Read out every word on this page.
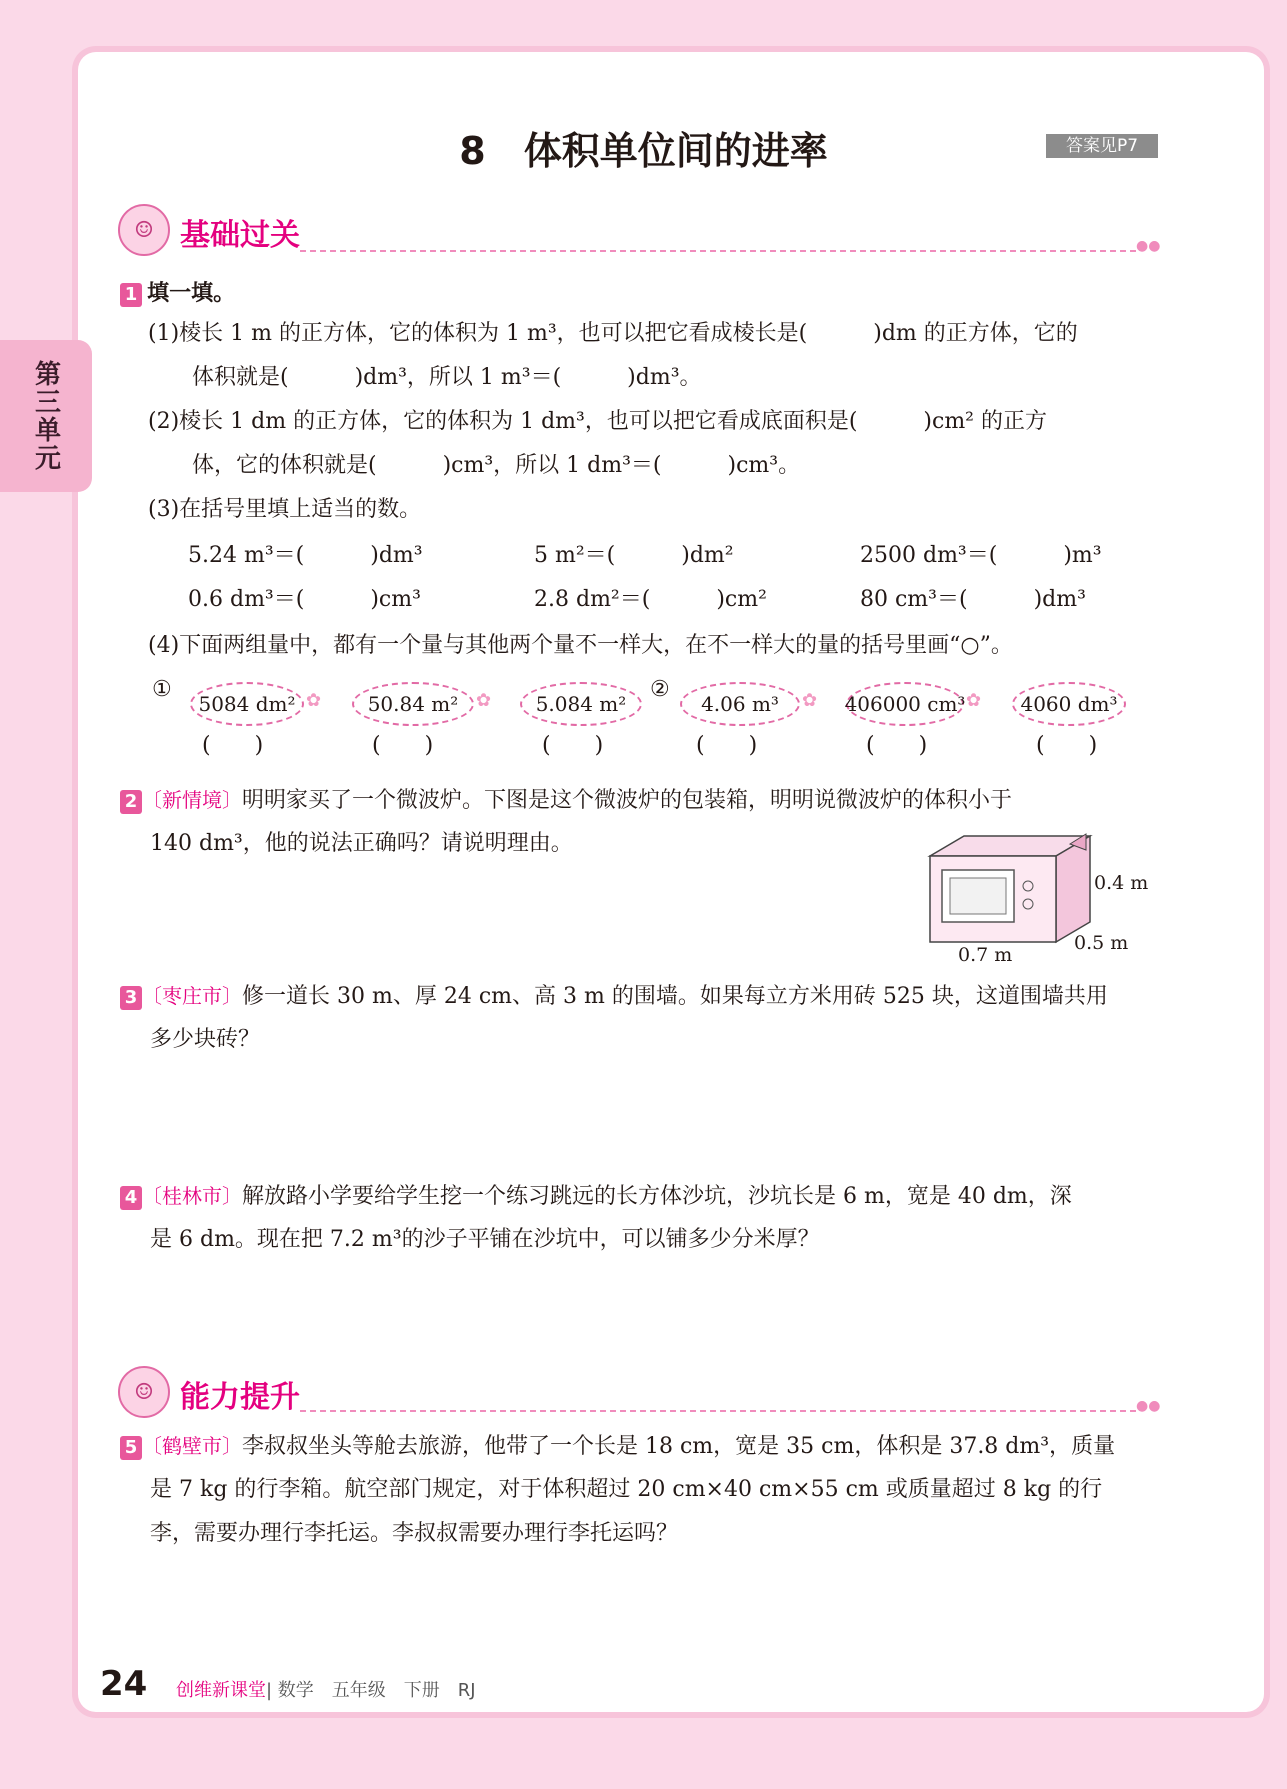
第三单元
8　体积单位间的进率	答案见P7
☺ 基础过关	●●
1 填一填。
(1)棱长 1 m 的正方体，它的体积为 1 m³，也可以把它看成棱长是(　　　)dm 的正方体，它的
体积就是(　　　)dm³，所以 1 m³＝(　　　)dm³。
(2)棱长 1 dm 的正方体，它的体积为 1 dm³，也可以把它看成底面积是(　　　)cm² 的正方
体，它的体积就是(　　　)cm³，所以 1 dm³＝(　　　)cm³。
(3)在括号里填上适当的数。
5.24 m³＝(　　　)dm³	5 m²＝(　　　)dm²	2500 dm³＝(　　　)m³
0.6 dm³＝(　　　)cm³	2.8 dm²＝(　　　)cm²	80 cm³＝(　　　)dm³
(4)下面两组量中，都有一个量与其他两个量不一样大，在不一样大的量的括号里画“○”。
①
5084 dm² ✿	50.84 m² ✿	5.084 m²
②
4.06 m³	✿ 406000 cm³ ✿	4060 dm³
(　　)	(　　)	(　　)	(　　)	(　　)	(　　)
2 〔新情境〕明明家买了一个微波炉。下图是这个微波炉的包装箱，明明说微波炉的体积小于
140 dm³，他的说法正确吗？请说明理由。
0.4 m
0.5 m
0.7 m
3 〔枣庄市〕修一道长 30 m、厚 24 cm、高 3 m 的围墙。如果每立方米用砖 525 块，这道围墙共用
多少块砖？
4 〔桂林市〕解放路小学要给学生挖一个练习跳远的长方体沙坑，沙坑长是 6 m，宽是 40 dm，深
是 6 dm。现在把 7.2 m³的沙子平铺在沙坑中，可以铺多少分米厚？
☺ 能力提升	●●
5 〔鹤壁市〕李叔叔坐头等舱去旅游，他带了一个长是 18 cm，宽是 35 cm，体积是 37.8 dm³，质量
是 7 kg 的行李箱。航空部门规定，对于体积超过 20 cm×40 cm×55 cm 或质量超过 8 kg 的行
李，需要办理行李托运。李叔叔需要办理行李托运吗？
24 创维新课堂| 数学　五年级　下册　RJ
